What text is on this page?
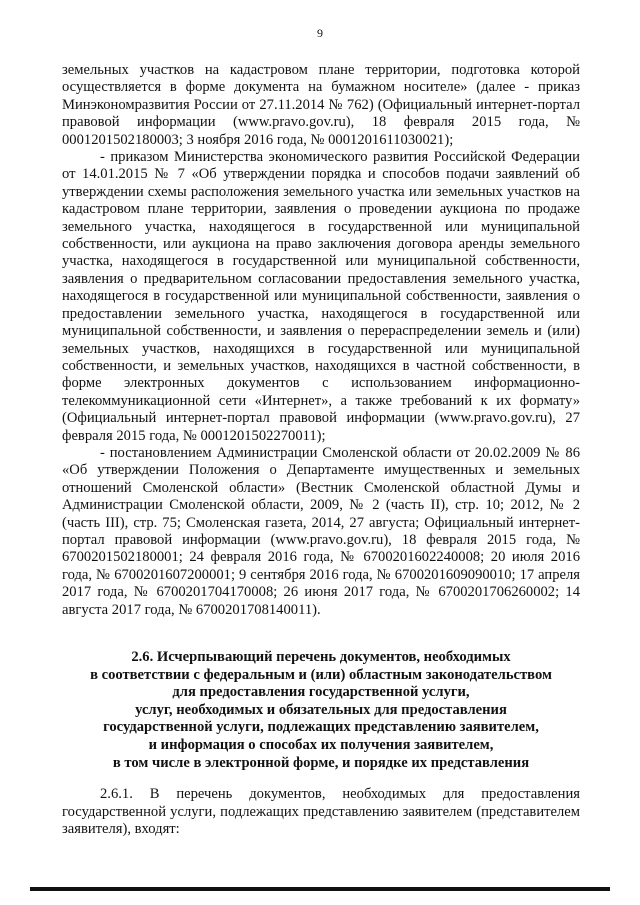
9

земельных участков на кадастровом плане территории, подготовка которой осуществляется в форме документа на бумажном носителе» (далее - приказ Минэкономразвития России от 27.11.2014 № 762) (Официальный интернет-портал правовой информации (www.pravo.gov.ru), 18 февраля 2015 года, № 0001201502180003; 3 ноября 2016 года, № 0001201611030021);

- приказом Министерства экономического развития Российской Федерации от 14.01.2015 № 7 «Об утверждении порядка и способов подачи заявлений об утверждении схемы расположения земельного участка или земельных участков на кадастровом плане территории, заявления о проведении аукциона по продаже земельного участка, находящегося в государственной или муниципальной собственности, или аукциона на право заключения договора аренды земельного участка, находящегося в государственной или муниципальной собственности, заявления о предварительном согласовании предоставления земельного участка, находящегося в государственной или муниципальной собственности, заявления о предоставлении земельного участка, находящегося в государственной или муниципальной собственности, и заявления о перераспределении земель и (или) земельных участков, находящихся в государственной или муниципальной собственности, и земельных участков, находящихся в частной собственности, в форме электронных документов с использованием информационно-телекоммуникационной сети «Интернет», а также требований к их формату» (Официальный интернет-портал правовой информации (www.pravo.gov.ru), 27 февраля 2015 года, № 0001201502270011);

- постановлением Администрации Смоленской области от 20.02.2009 № 86 «Об утверждении Положения о Департаменте имущественных и земельных отношений Смоленской области» (Вестник Смоленской областной Думы и Администрации Смоленской области, 2009, № 2 (часть II), стр. 10; 2012, № 2 (часть III), стр. 75; Смоленская газета, 2014, 27 августа; Официальный интернет-портал правовой информации (www.pravo.gov.ru), 18 февраля 2015 года, № 6700201502180001; 24 февраля 2016 года, № 6700201602240008; 20 июля 2016 года, № 6700201607200001; 9 сентября 2016 года, № 6700201609090010; 17 апреля 2017 года, № 6700201704170008; 26 июня 2017 года, № 6700201706260002; 14 августа 2017 года, № 6700201708140011).

2.6. Исчерпывающий перечень документов, необходимых
в соответствии с федеральным и (или) областным законодательством
для предоставления государственной услуги,
услуг, необходимых и обязательных для предоставления
государственной услуги, подлежащих представлению заявителем,
и информация о способах их получения заявителем,
в том числе в электронной форме, и порядке их представления

2.6.1. В перечень документов, необходимых для предоставления государственной услуги, подлежащих представлению заявителем (представителем заявителя), входят:
